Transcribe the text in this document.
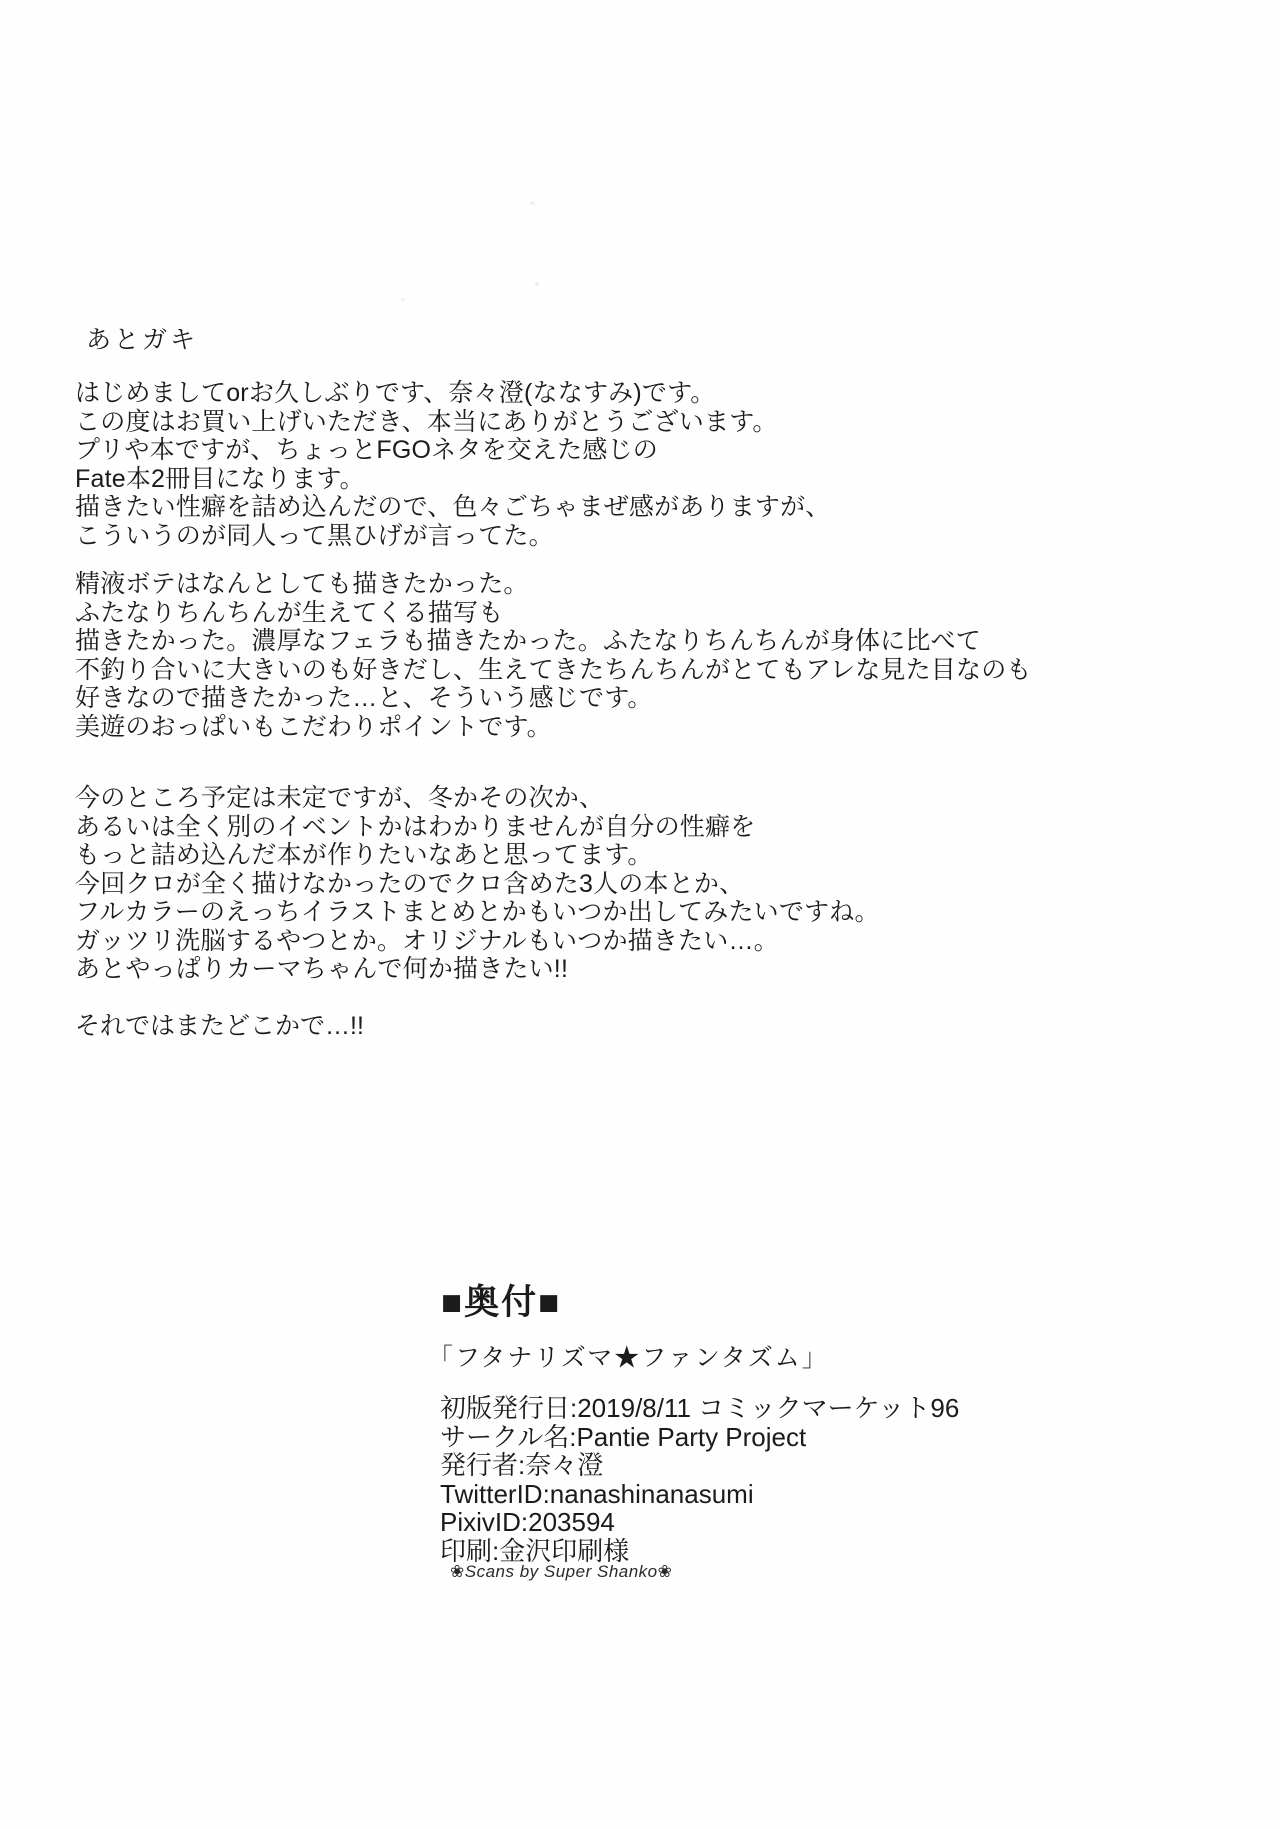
あとガキ
はじめましてorお久しぶりです、奈々澄(ななすみ)です。
この度はお買い上げいただき、本当にありがとうございます。
プリや本ですが、ちょっとFGOネタを交えた感じの
Fate本2冊目になります。
描きたい性癖を詰め込んだので、色々ごちゃまぜ感がありますが、
こういうのが同人って黒ひげが言ってた。
精液ボテはなんとしても描きたかった。
ふたなりちんちんが生えてくる描写も
描きたかった。濃厚なフェラも描きたかった。ふたなりちんちんが身体に比べて
不釣り合いに大きいのも好きだし、生えてきたちんちんがとてもアレな見た目なのも
好きなので描きたかった…と、そういう感じです。
美遊のおっぱいもこだわりポイントです。
今のところ予定は未定ですが、冬かその次か、
あるいは全く別のイベントかはわかりませんが自分の性癖を
もっと詰め込んだ本が作りたいなあと思ってます。
今回クロが全く描けなかったのでクロ含めた3人の本とか、
フルカラーのえっちイラストまとめとかもいつか出してみたいですね。
ガッツリ洗脳するやつとか。オリジナルもいつか描きたい…。
あとやっぱりカーマちゃんで何か描きたい!!
それではまたどこかで…!!
■奥付■
「フタナリズマ★ファンタズム」
初版発行日:2019/8/11 コミックマーケット96
サークル名:Pantie Party Project
発行者:奈々澄
TwitterID:nanashinanasumi
PixivID:203594
印刷:金沢印刷様
❀Scans by Super Shanko❀
